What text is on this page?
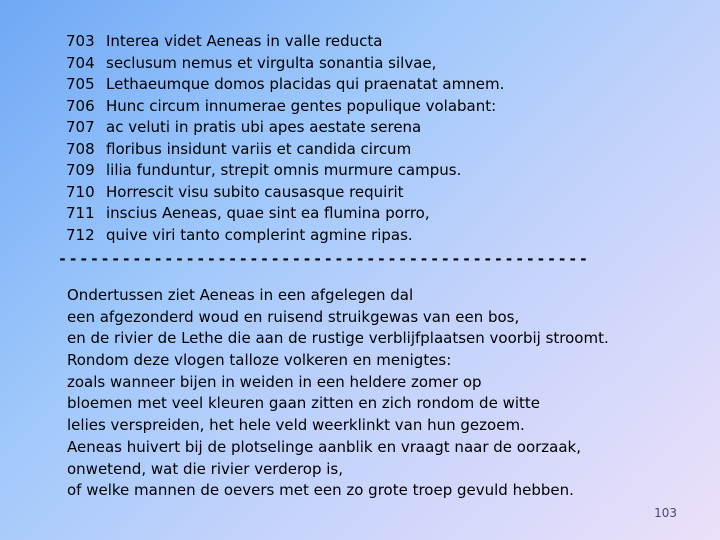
703 Interea videt Aeneas in valle reducta
704 seclusum nemus et virgulta sonantia silvae,
705 Lethaeumque domos placidas qui praenatat amnem.
706 Hunc circum innumerae gentes populique volabant:
707 ac veluti in pratis ubi apes aestate serena
708 floribus insidunt variis et candida circum
709 lilia funduntur, strepit omnis murmure campus.
710 Horrescit visu subito causasque requirit
711 inscius Aeneas, quae sint ea flumina porro,
712 quive viri tanto complerint agmine ripas.
--------------------------------------------------
Ondertussen ziet Aeneas in een afgelegen dal
een afgezonderd woud en ruisend struikgewas van een bos,
en de rivier de Lethe die aan de rustige verblijfplaatsen voorbij stroomt.
Rondom deze vlogen talloze volkeren en menigtes:
zoals wanneer bijen in weiden in een heldere zomer op
bloemen met veel kleuren gaan zitten en zich rondom de witte
lelies verspreiden, het hele veld weerklinkt van hun gezoem.
Aeneas huivert bij de plotselinge aanblik en vraagt naar de oorzaak,
onwetend, wat die rivier verderop is,
of welke mannen de oevers met een zo grote troep gevuld hebben.
103
